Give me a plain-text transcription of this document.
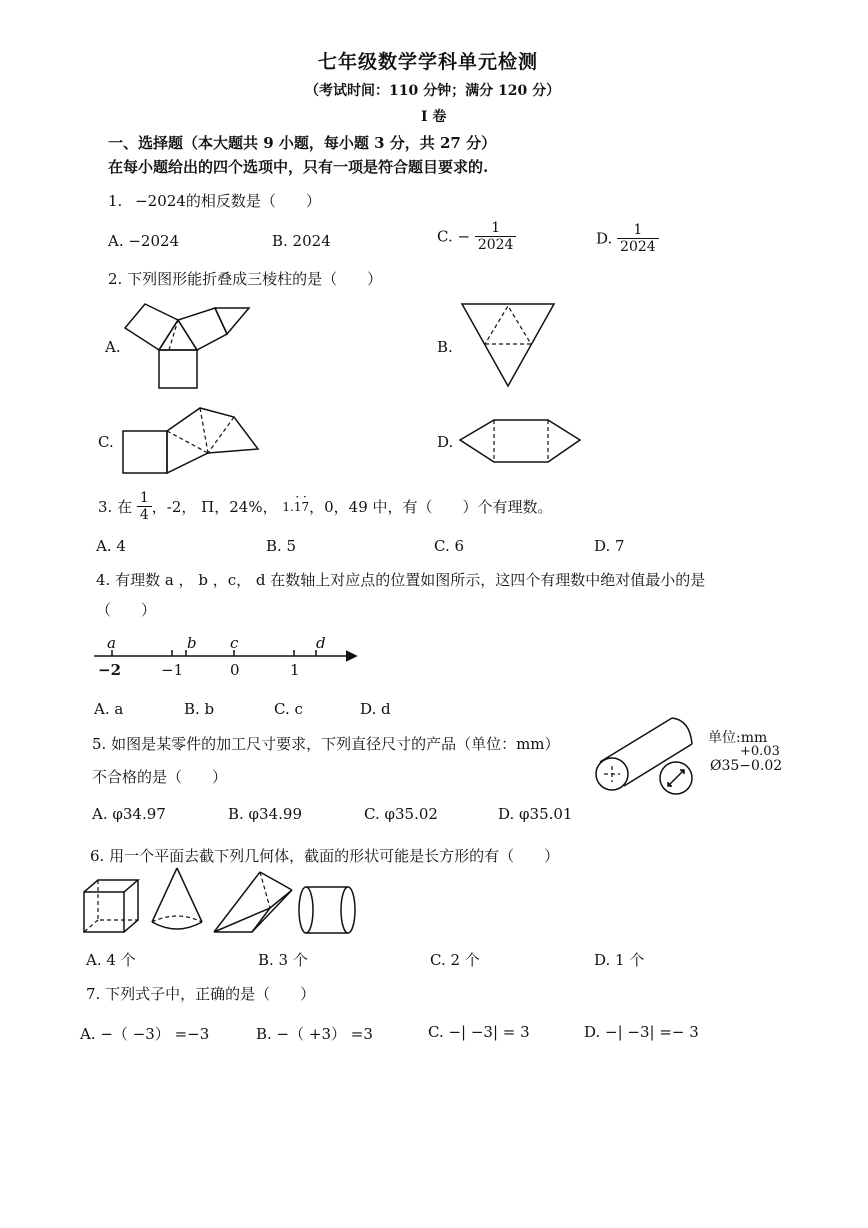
七年级数学学科单元检测
（考试时间：110 分钟；满分 120 分）
I 卷
一、选择题（本大题共 9 小题，每小题 3 分，共 27 分）
在每小题给出的四个选项中，只有一项是符合题目要求的.
1. −2024的相反数是（　　）
A. −2024	B. 2024	C. − $\frac{1}{2024}$	D. $\frac{1}{2024}$
2. 下列图形能折叠成三棱柱的是（　　）
A.	B.
C.	D.
3. 在 $\frac{1}{4}$ ，-2， Π，24%，
· ·
1.17，0，49 中，有（　　）个有理数。
A. 4	B. 5	C. 6	D. 7
4. 有理数 a ， b ，c， d 在数轴上对应点的位置如图所示，这四个有理数中绝对值最小的是
（　　）
a	b c	d
−2	−1	0	1
A. a	B. b	C. c	D. d
5. 如图是某零件的加工尺寸要求，下列直径尺寸的产品（单位：mm）
不合格的是（　　）
单位:mm
+0.03
Ø35−0.02
A. φ34.97	B. φ34.99	C. φ35.02	D. φ35.01
6. 用一个平面去截下列几何体，截面的形状可能是长方形的有（　　）
A. 4 个	B. 3 个	C. 2 个	D. 1 个
7. 下列式子中，正确的是（　　）
A. −（ −3） =−3	B. −（ +3） =3	C. −| −3| = 3	D. −| −3| =− 3
